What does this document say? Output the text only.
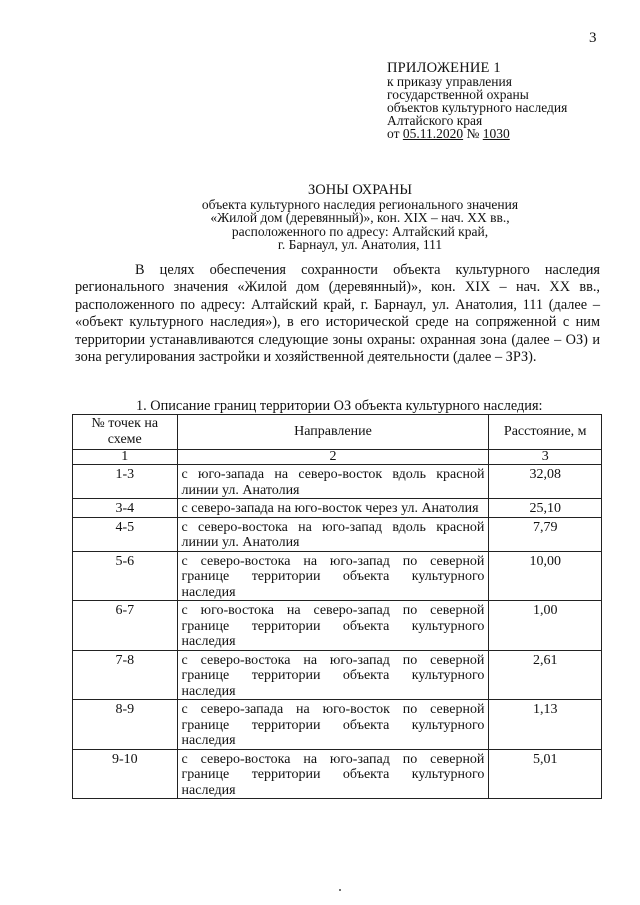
3
ПРИЛОЖЕНИЕ 1
к приказу управления
государственной охраны
объектов культурного наследия
Алтайского края
от 05.11.2020 № 1030
ЗОНЫ ОХРАНЫ
объекта культурного наследия регионального значения
«Жилой дом (деревянный)», кон. XIX – нач. XX вв.,
расположенного по адресу: Алтайский край,
г. Барнаул, ул. Анатолия, 111

В целях обеспечения сохранности объекта культурного наследия регионального значения «Жилой дом (деревянный)», кон. XIX – нач. XX вв., расположенного по адресу: Алтайский край, г. Барнаул, ул. Анатолия, 111 (далее – «объект культурного наследия»), в его исторической среде на сопряженной с ним территории устанавливаются следующие зоны охраны: охранная зона (далее – ОЗ) и зона регулирования застройки и хозяйственной деятельности (далее – ЗРЗ).

1. Описание границ территории ОЗ объекта культурного наследия:
№ точек на схеме	Направление	Расстояние, м
1	2	3
1-3	с юго-запада на северо-восток вдоль красной линии ул. Анатолия	32,08
3-4	с северо-запада на юго-восток через ул. Анатолия	25,10
4-5	с северо-востока на юго-запад вдоль красной линии ул. Анатолия	7,79
5-6	с северо-востока на юго-запад по северной границе территории объекта культурного наследия	10,00
6-7	с юго-востока на северо-запад по северной границе территории объекта культурного наследия	1,00
7-8	с северо-востока на юго-запад по северной границе территории объекта культурного наследия	2,61
8-9	с северо-запада на юго-восток по северной границе территории объекта культурного наследия	1,13
9-10	с северо-востока на юго-запад по северной границе территории объекта культурного наследия	5,01
